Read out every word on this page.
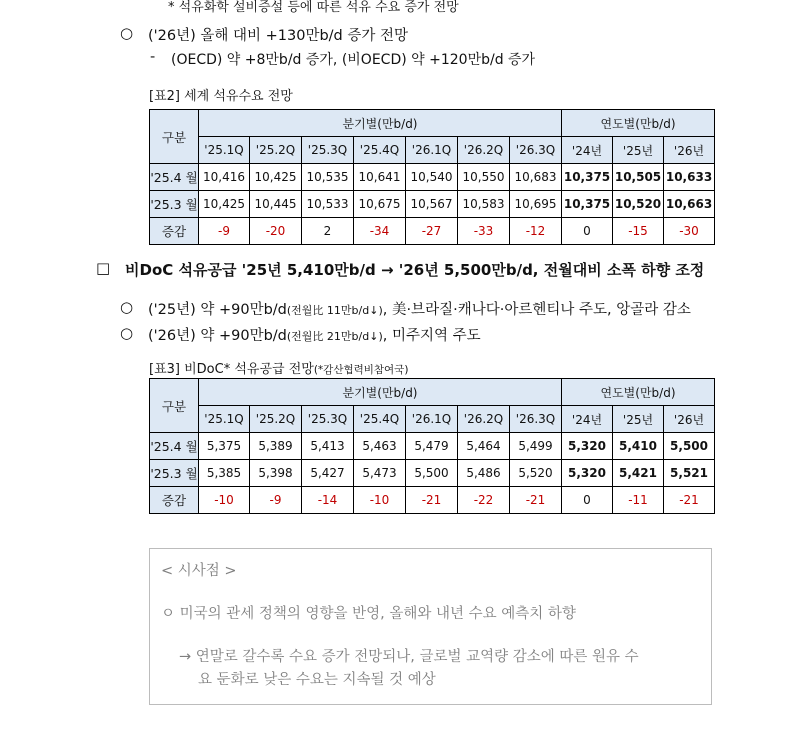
* 석유화학 설비증설 등에 따른 석유 수요 증가 전망
○ ('26년) 올해 대비 +130만b/d 증가 전망
- (OECD) 약 +8만b/d 증가, (비OECD) 약 +120만b/d 증가
[표2] 세계 석유수요 전망
구분	분기별(만b/d)							연도별(만b/d)		
	'25.1Q	'25.2Q	'25.3Q	'25.4Q	'26.1Q	'26.2Q	'26.3Q	'24년	'25년	'26년
'25.4 월	10,416	10,425	10,535	10,641	10,540	10,550	10,683	10,375	10,505	10,633
'25.3 월	10,425	10,445	10,533	10,675	10,567	10,583	10,695	10,375	10,520	10,663
증감	-9	-20	2	-34	-27	-33	-12	0	-15	-30
□ 비DoC 석유공급 '25년 5,410만b/d → '26년 5,500만b/d, 전월대비 소폭 하향 조정
○ ('25년) 약 +90만b/d(전월比 11만b/d↓), 美·브라질·캐나다·아르헨티나 주도, 앙골라 감소
○ ('26년) 약 +90만b/d(전월比 21만b/d↓), 미주지역 주도
[표3] 비DoC* 석유공급 전망(*감산협력비참여국)
구분	분기별(만b/d)							연도별(만b/d)		
	'25.1Q	'25.2Q	'25.3Q	'25.4Q	'26.1Q	'26.2Q	'26.3Q	'24년	'25년	'26년
'25.4 월	5,375	5,389	5,413	5,463	5,479	5,464	5,499	5,320	5,410	5,500
'25.3 월	5,385	5,398	5,427	5,473	5,500	5,486	5,520	5,320	5,421	5,521
증감	-10	-9	-14	-10	-21	-22	-21	0	-11	-21
< 시사점 >
ㅇ 미국의 관세 정책의 영향을 반영, 올해와 내년 수요 예측치 하향
→ 연말로 갈수록 수요 증가 전망되나, 글로벌 교역량 감소에 따른 원유 수
요 둔화로 낮은 수요는 지속될 것 예상
